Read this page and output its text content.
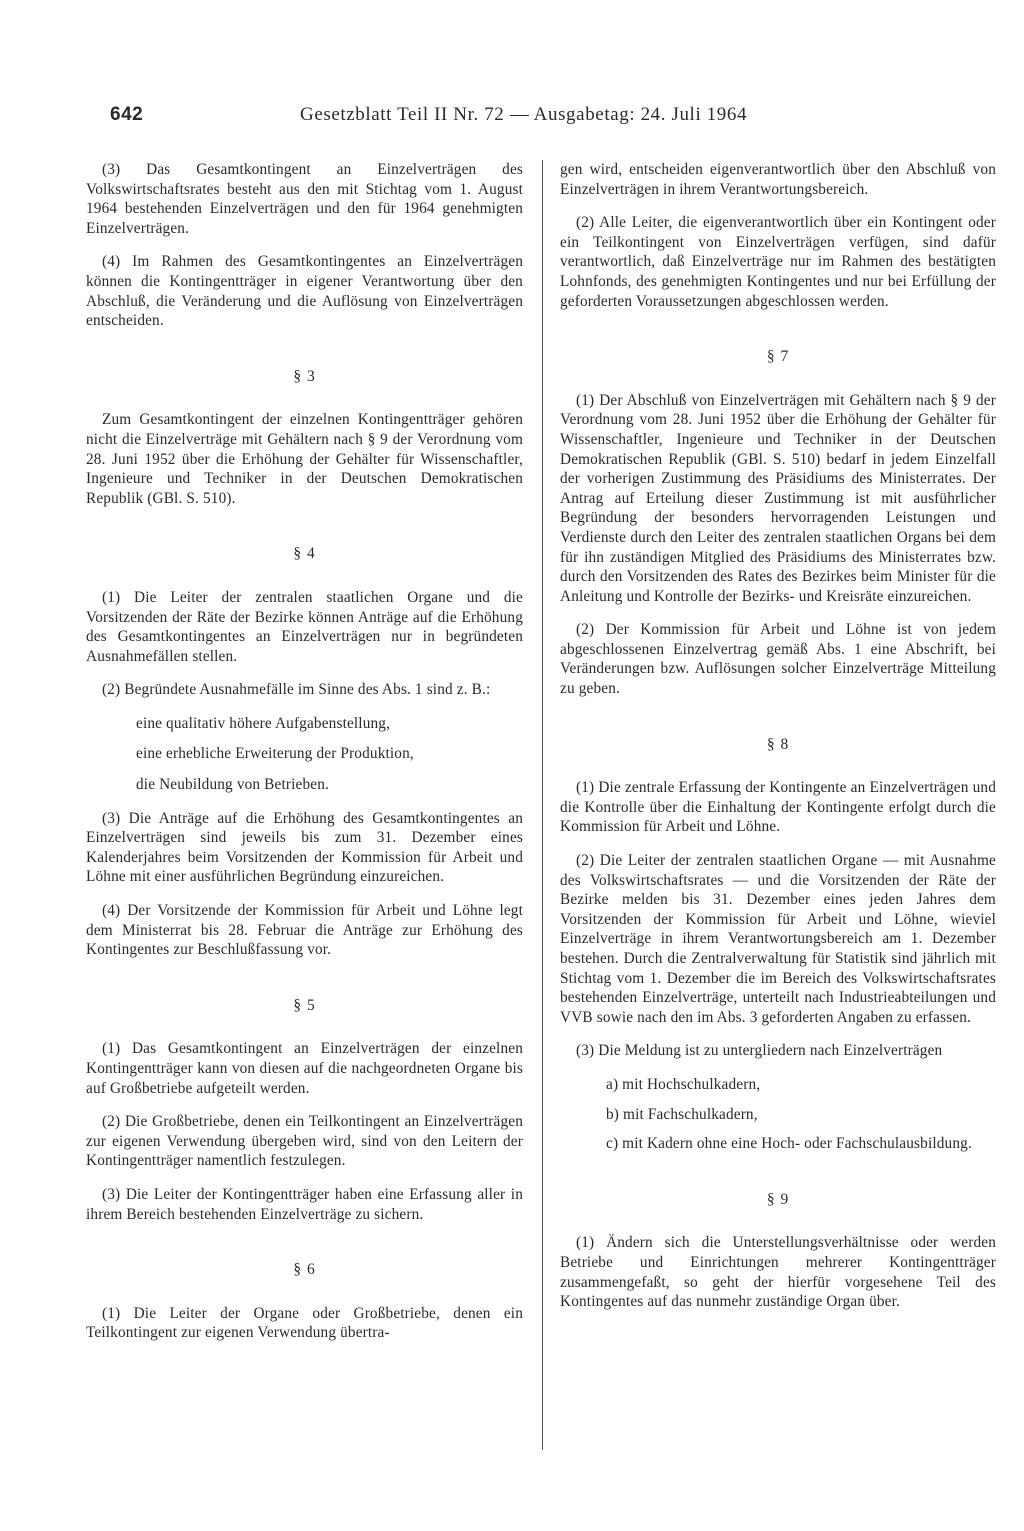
642	Gesetzblatt Teil II Nr. 72 — Ausgabetag: 24. Juli 1964

(3) Das Gesamtkontingent an Einzelverträgen des Volkswirtschaftsrates besteht aus den mit Stichtag vom 1. August 1964 bestehenden Einzelverträgen und den für 1964 genehmigten Einzelverträgen.

(4) Im Rahmen des Gesamtkontingentes an Einzelverträgen können die Kontingentträger in eigener Verantwortung über den Abschluß, die Veränderung und die Auflösung von Einzelverträgen entscheiden.

§ 3

Zum Gesamtkontingent der einzelnen Kontingentträger gehören nicht die Einzelverträge mit Gehältern nach § 9 der Verordnung vom 28. Juni 1952 über die Erhöhung der Gehälter für Wissenschaftler, Ingenieure und Techniker in der Deutschen Demokratischen Republik (GBl. S. 510).

§ 4

(1) Die Leiter der zentralen staatlichen Organe und die Vorsitzenden der Räte der Bezirke können Anträge auf die Erhöhung des Gesamtkontingentes an Einzelverträgen nur in begründeten Ausnahmefällen stellen.

(2) Begründete Ausnahmefälle im Sinne des Abs. 1 sind z. B.:

eine qualitativ höhere Aufgabenstellung,
eine erhebliche Erweiterung der Produktion,
die Neubildung von Betrieben.

(3) Die Anträge auf die Erhöhung des Gesamtkontingentes an Einzelverträgen sind jeweils bis zum 31. Dezember eines Kalenderjahres beim Vorsitzenden der Kommission für Arbeit und Löhne mit einer ausführlichen Begründung einzureichen.

(4) Der Vorsitzende der Kommission für Arbeit und Löhne legt dem Ministerrat bis 28. Februar die Anträge zur Erhöhung des Kontingentes zur Beschlußfassung vor.

§ 5

(1) Das Gesamtkontingent an Einzelverträgen der einzelnen Kontingentträger kann von diesen auf die nachgeordneten Organe bis auf Großbetriebe aufgeteilt werden.

(2) Die Großbetriebe, denen ein Teilkontingent an Einzelverträgen zur eigenen Verwendung übergeben wird, sind von den Leitern der Kontingentträger namentlich festzulegen.

(3) Die Leiter der Kontingentträger haben eine Erfassung aller in ihrem Bereich bestehenden Einzelverträge zu sichern.

§ 6

(1) Die Leiter der Organe oder Großbetriebe, denen ein Teilkontingent zur eigenen Verwendung übertra-

gen wird, entscheiden eigenverantwortlich über den Abschluß von Einzelverträgen in ihrem Verantwortungsbereich.

(2) Alle Leiter, die eigenverantwortlich über ein Kontingent oder ein Teilkontingent von Einzelverträgen verfügen, sind dafür verantwortlich, daß Einzelverträge nur im Rahmen des bestätigten Lohnfonds, des genehmigten Kontingentes und nur bei Erfüllung der geforderten Voraussetzungen abgeschlossen werden.

§ 7

(1) Der Abschluß von Einzelverträgen mit Gehältern nach § 9 der Verordnung vom 28. Juni 1952 über die Erhöhung der Gehälter für Wissenschaftler, Ingenieure und Techniker in der Deutschen Demokratischen Republik (GBl. S. 510) bedarf in jedem Einzelfall der vorherigen Zustimmung des Präsidiums des Ministerrates. Der Antrag auf Erteilung dieser Zustimmung ist mit ausführlicher Begründung der besonders hervorragenden Leistungen und Verdienste durch den Leiter des zentralen staatlichen Organs bei dem für ihn zuständigen Mitglied des Präsidiums des Ministerrates bzw. durch den Vorsitzenden des Rates des Bezirkes beim Minister für die Anleitung und Kontrolle der Bezirks- und Kreisräte einzureichen.

(2) Der Kommission für Arbeit und Löhne ist von jedem abgeschlossenen Einzelvertrag gemäß Abs. 1 eine Abschrift, bei Veränderungen bzw. Auflösungen solcher Einzelverträge Mitteilung zu geben.

§ 8

(1) Die zentrale Erfassung der Kontingente an Einzelverträgen und die Kontrolle über die Einhaltung der Kontingente erfolgt durch die Kommission für Arbeit und Löhne.

(2) Die Leiter der zentralen staatlichen Organe — mit Ausnahme des Volkswirtschaftsrates — und die Vorsitzenden der Räte der Bezirke melden bis 31. Dezember eines jeden Jahres dem Vorsitzenden der Kommission für Arbeit und Löhne, wieviel Einzelverträge in ihrem Verantwortungsbereich am 1. Dezember bestehen. Durch die Zentralverwaltung für Statistik sind jährlich mit Stichtag vom 1. Dezember die im Bereich des Volkswirtschaftsrates bestehenden Einzelverträge, unterteilt nach Industrieabteilungen und VVB sowie nach den im Abs. 3 geforderten Angaben zu erfassen.

(3) Die Meldung ist zu untergliedern nach Einzelverträgen

a) mit Hochschulkadern,
b) mit Fachschulkadern,
c) mit Kadern ohne eine Hoch- oder Fachschulausbildung.
§ 9

(1) Ändern sich die Unterstellungsverhältnisse oder werden Betriebe und Einrichtungen mehrerer Kontingentträger zusammengefaßt, so geht der hierfür vorgesehene Teil des Kontingentes auf das nunmehr zuständige Organ über.
